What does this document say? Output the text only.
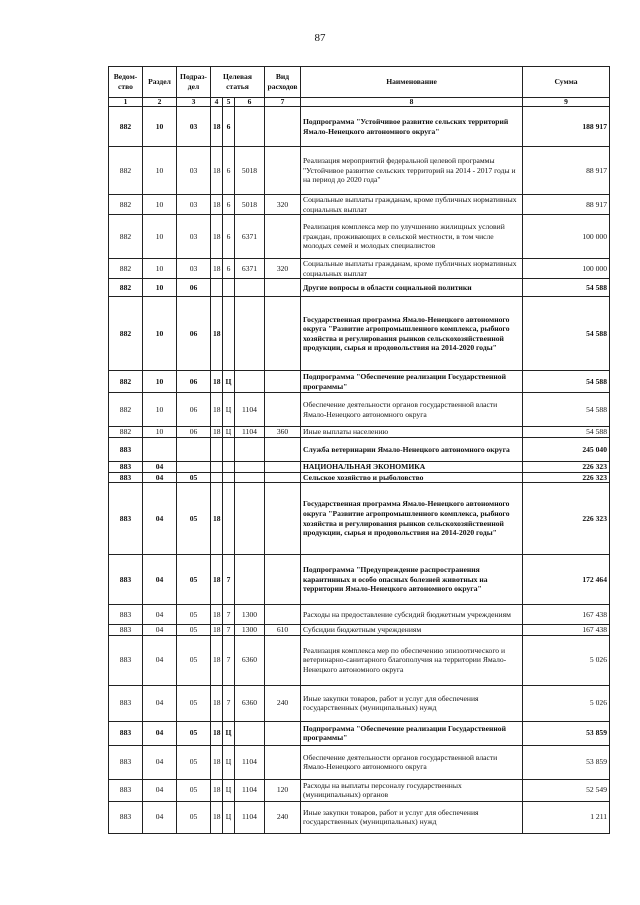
87
Ведом-ство	Раздел	Подраз-дел	Целевая статья			Вид расходов	Наименование	Сумма
1	2	3	4	5	6	7	8	9
882	10	03	18	6			Подпрограмма "Устойчивое развитие сельских территорий Ямало-Ненецкого автономного округа"	188 917
882	10	03	18	6	5018		Реализация мероприятий федеральной целевой программы "Устойчивое развитие сельских территорий на 2014 - 2017 годы и на период до 2020 года"	88 917
882	10	03	18	6	5018	320	Социальные выплаты гражданам, кроме публичных нормативных социальных выплат	88 917
882	10	03	18	6	6371		Реализация комплекса мер по улучшению жилищных условий граждан, проживающих в сельской местности, в том числе молодых семей и молодых специалистов	100 000
882	10	03	18	6	6371	320	Социальные выплаты гражданам, кроме публичных нормативных социальных выплат	100 000
882	10	06					Другие вопросы в области социальной политики	54 588
882	10	06	18				Государственная программа Ямало-Ненецкого автономного округа "Развитие агропромышленного комплекса, рыбного хозяйства и регулирования рынков сельскохозяйственной продукции, сырья и продовольствия на 2014-2020 годы"	54 588
882	10	06	18	Ц			Подпрограмма "Обеспечение реализации Государственной программы"	54 588
882	10	06	18	Ц	1104		Обеспечение деятельности органов государственной власти Ямало-Ненецкого автономного округа	54 588
882	10	06	18	Ц	1104	360	Иные выплаты населению	54 588
883							Служба ветеринарии Ямало-Ненецкого автономного округа	245 040
883	04						НАЦИОНАЛЬНАЯ ЭКОНОМИКА	226 323
883	04	05					Сельское хозяйство и рыболовство	226 323
883	04	05	18				Государственная программа Ямало-Ненецкого автономного округа "Развитие агропромышленного комплекса, рыбного хозяйства и регулирования рынков сельскохозяйственной продукции, сырья и продовольствия на 2014-2020 годы"	226 323
883	04	05	18	7			Подпрограмма "Предупреждение распространения карантинных и особо опасных болезней животных на территории Ямало-Ненецкого автономного округа"	172 464
883	04	05	18	7	1300		Расходы на предоставление субсидий бюджетным учреждениям	167 438
883	04	05	18	7	1300	610	Субсидии бюджетным учреждениям	167 438
883	04	05	18	7	6360		Реализация комплекса мер по обеспечению эпизоотического и ветеринарно-санитарного благополучия на территории Ямало-Ненецкого автономного округа	5 026
883	04	05	18	7	6360	240	Иные закупки товаров, работ и услуг для обеспечения государственных (муниципальных) нужд	5 026
883	04	05	18	Ц			Подпрограмма "Обеспечение реализации Государственной программы"	53 859
883	04	05	18	Ц	1104		Обеспечение деятельности органов государственной власти Ямало-Ненецкого автономного округа	53 859
883	04	05	18	Ц	1104	120	Расходы на выплаты персоналу государственных (муниципальных) органов	52 549
883	04	05	18	Ц	1104	240	Иные закупки товаров, работ и услуг для обеспечения государственных (муниципальных) нужд	1 211
